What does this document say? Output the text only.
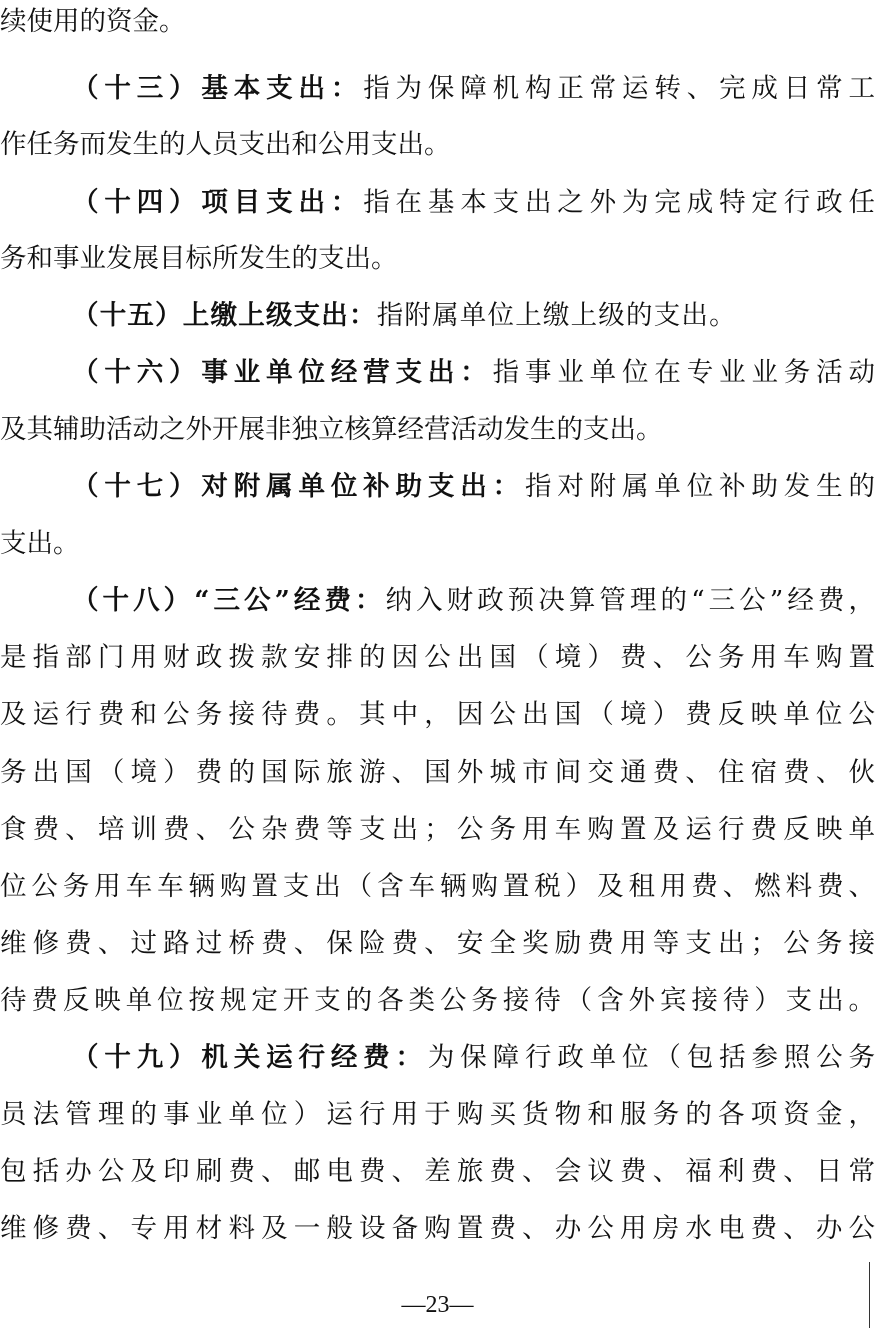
续使用的资金。
（十三）基本支出：指为保障机构正常运转、完成日常工
作任务而发生的人员支出和公用支出。
（十四）项目支出：指在基本支出之外为完成特定行政任
务和事业发展目标所发生的支出。
（十五）上缴上级支出：指附属单位上缴上级的支出。
（十六）事业单位经营支出：指事业单位在专业业务活动
及其辅助活动之外开展非独立核算经营活动发生的支出。
（十七）对附属单位补助支出：指对附属单位补助发生的
支出。
（十八）“三公”经费：纳入财政预决算管理的“三公”经费，
是指部门用财政拨款安排的因公出国（境）费、公务用车购置
及运行费和公务接待费。其中，因公出国（境）费反映单位公
务出国（境）费的国际旅游、国外城市间交通费、住宿费、伙
食费、培训费、公杂费等支出；公务用车购置及运行费反映单
位公务用车车辆购置支出（含车辆购置税）及租用费、燃料费、
维修费、过路过桥费、保险费、安全奖励费用等支出；公务接
待费反映单位按规定开支的各类公务接待（含外宾接待）支出。
（十九）机关运行经费：为保障行政单位（包括参照公务
员法管理的事业单位）运行用于购买货物和服务的各项资金，
包括办公及印刷费、邮电费、差旅费、会议费、福利费、日常
维修费、专用材料及一般设备购置费、办公用房水电费、办公
—23—
